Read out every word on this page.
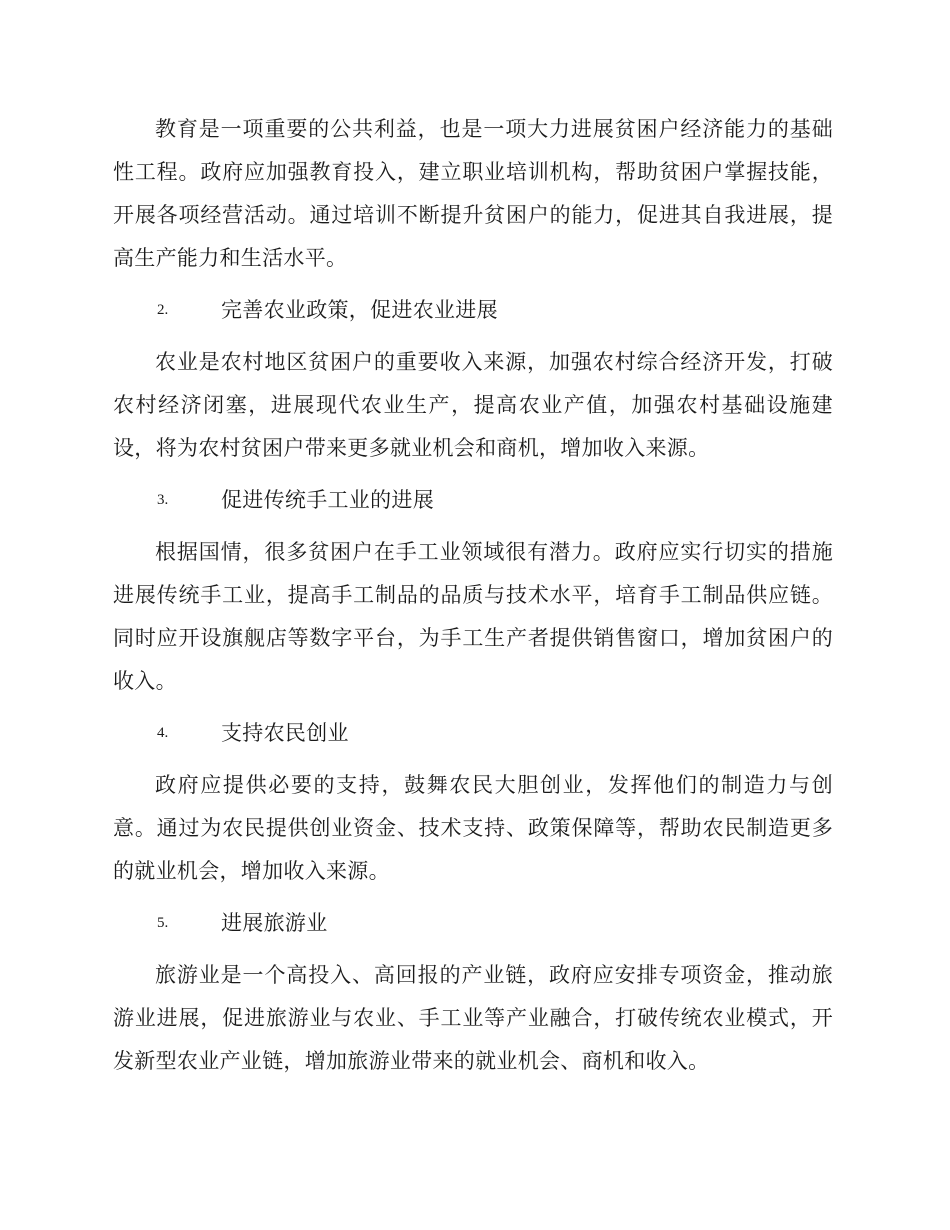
教育是一项重要的公共利益，也是一项大力进展贫困户经济能力的基础性工程。政府应加强教育投入，建立职业培训机构，帮助贫困户掌握技能，开展各项经营活动。通过培训不断提升贫困户的能力，促进其自我进展，提高生产能力和生活水平。

2.	完善农业政策，促进农业进展

农业是农村地区贫困户的重要收入来源，加强农村综合经济开发，打破农村经济闭塞，进展现代农业生产，提高农业产值，加强农村基础设施建设，将为农村贫困户带来更多就业机会和商机，增加收入来源。

3.	促进传统手工业的进展

根据国情，很多贫困户在手工业领域很有潜力。政府应实行切实的措施进展传统手工业，提高手工制品的品质与技术水平，培育手工制品供应链。同时应开设旗舰店等数字平台，为手工生产者提供销售窗口，增加贫困户的收入。

4.	支持农民创业

政府应提供必要的支持，鼓舞农民大胆创业，发挥他们的制造力与创意。通过为农民提供创业资金、技术支持、政策保障等，帮助农民制造更多的就业机会，增加收入来源。

5.	进展旅游业

旅游业是一个高投入、高回报的产业链，政府应安排专项资金，推动旅游业进展，促进旅游业与农业、手工业等产业融合，打破传统农业模式，开发新型农业产业链，增加旅游业带来的就业机会、商机和收入。
